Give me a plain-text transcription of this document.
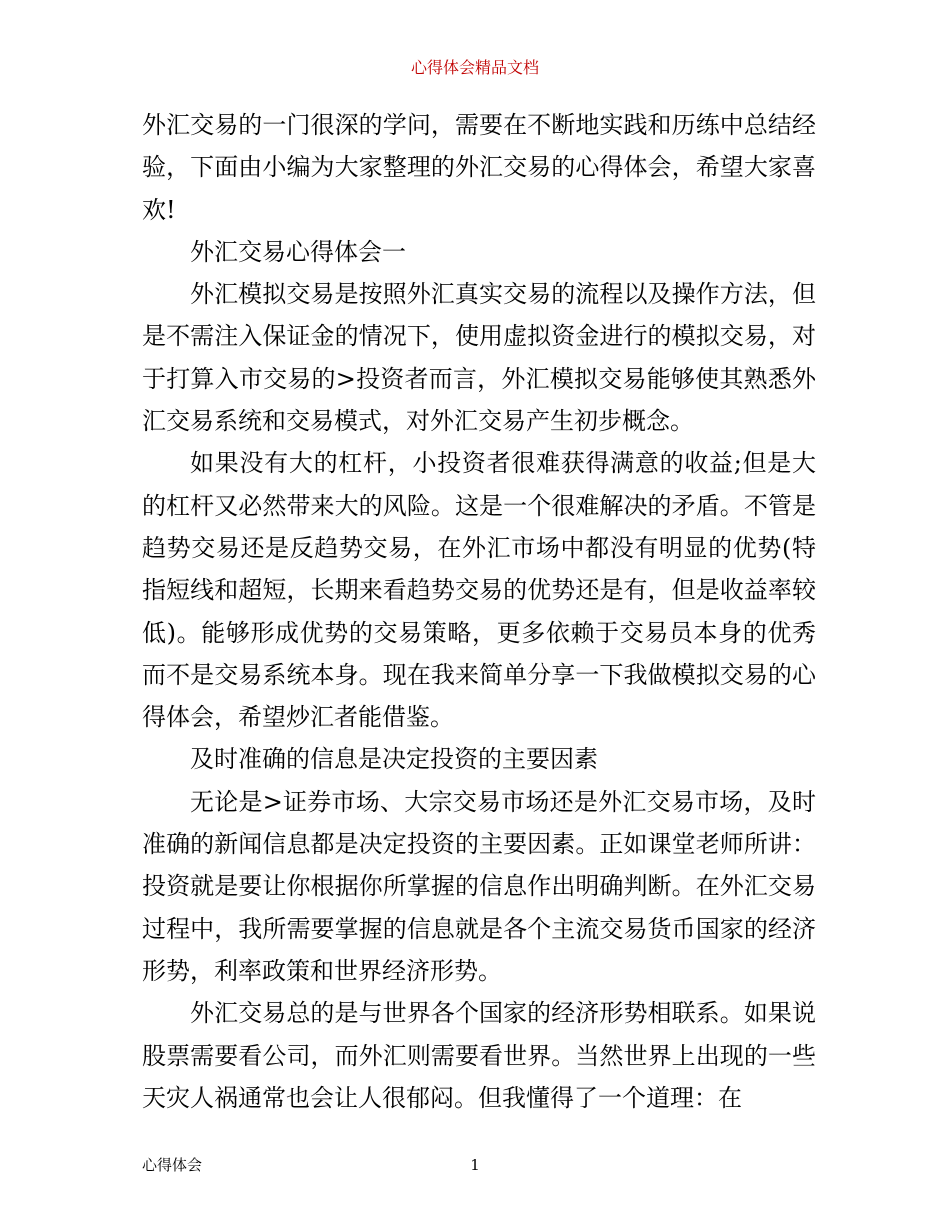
心得体会精品文档

外汇交易的一门很深的学问，需要在不断地实践和历练中总结经验，下面由小编为大家整理的外汇交易的心得体会，希望大家喜欢!

外汇交易心得体会一

外汇模拟交易是按照外汇真实交易的流程以及操作方法，但是不需注入保证金的情况下，使用虚拟资金进行的模拟交易，对于打算入市交易的>投资者而言，外汇模拟交易能够使其熟悉外汇交易系统和交易模式，对外汇交易产生初步概念。

如果没有大的杠杆，小投资者很难获得满意的收益;但是大的杠杆又必然带来大的风险。这是一个很难解决的矛盾。不管是趋势交易还是反趋势交易，在外汇市场中都没有明显的优势(特指短线和超短，长期来看趋势交易的优势还是有，但是收益率较低)。能够形成优势的交易策略，更多依赖于交易员本身的优秀而不是交易系统本身。现在我来简单分享一下我做模拟交易的心得体会，希望炒汇者能借鉴。

及时准确的信息是决定投资的主要因素

无论是>证券市场、大宗交易市场还是外汇交易市场，及时准确的新闻信息都是决定投资的主要因素。正如课堂老师所讲：投资就是要让你根据你所掌握的信息作出明确判断。在外汇交易过程中，我所需要掌握的信息就是各个主流交易货币国家的经济形势，利率政策和世界经济形势。

外汇交易总的是与世界各个国家的经济形势相联系。如果说股票需要看公司，而外汇则需要看世界。当然世界上出现的一些天灾人祸通常也会让人很郁闷。但我懂得了一个道理：在

心得体会	1
